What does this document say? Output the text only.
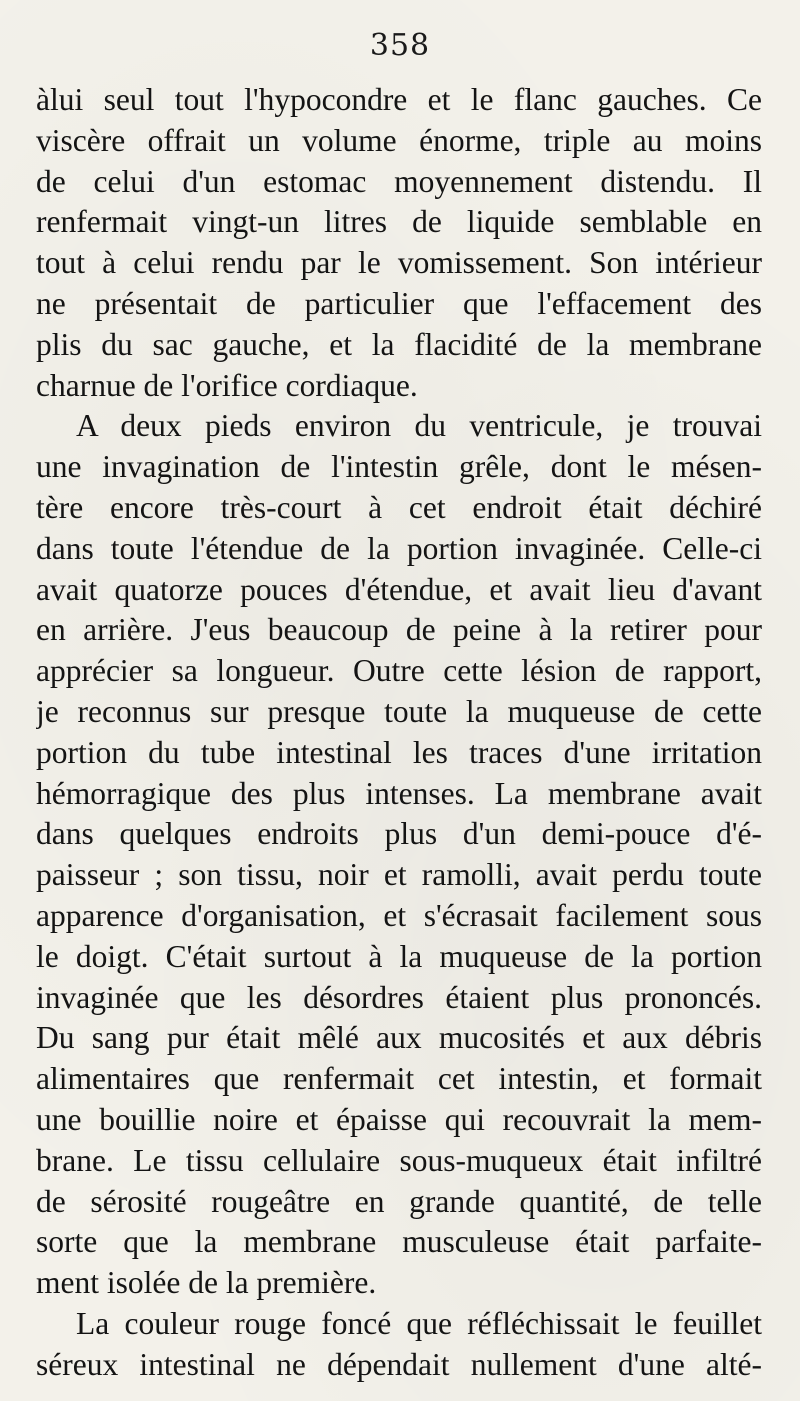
358
àlui seul tout l'hypocondre et le flanc gauches. Ce
viscère offrait un volume énorme, triple au moins
de celui d'un estomac moyennement distendu. Il
renfermait vingt-un litres de liquide semblable en
tout à celui rendu par le vomissement. Son intérieur
ne présentait de particulier que l'effacement des
plis du sac gauche, et la flacidité de la membrane
charnue de l'orifice cordiaque.
A deux pieds environ du ventricule, je trouvai
une invagination de l'intestin grêle, dont le mésen-
tère encore très-court à cet endroit était déchiré
dans toute l'étendue de la portion invaginée. Celle-ci
avait quatorze pouces d'étendue, et avait lieu d'avant
en arrière. J'eus beaucoup de peine à la retirer pour
apprécier sa longueur. Outre cette lésion de rapport,
je reconnus sur presque toute la muqueuse de cette
portion du tube intestinal les traces d'une irritation
hémorragique des plus intenses. La membrane avait
dans quelques endroits plus d'un demi-pouce d'é-
paisseur ; son tissu, noir et ramolli, avait perdu toute
apparence d'organisation, et s'écrasait facilement sous
le doigt. C'était surtout à la muqueuse de la portion
invaginée que les désordres étaient plus prononcés.
Du sang pur était mêlé aux mucosités et aux débris
alimentaires que renfermait cet intestin, et formait
une bouillie noire et épaisse qui recouvrait la mem-
brane. Le tissu cellulaire sous-muqueux était infiltré
de sérosité rougeâtre en grande quantité, de telle
sorte que la membrane musculeuse était parfaite-
ment isolée de la première.
La couleur rouge foncé que réfléchissait le feuillet
séreux intestinal ne dépendait nullement d'une alté-
